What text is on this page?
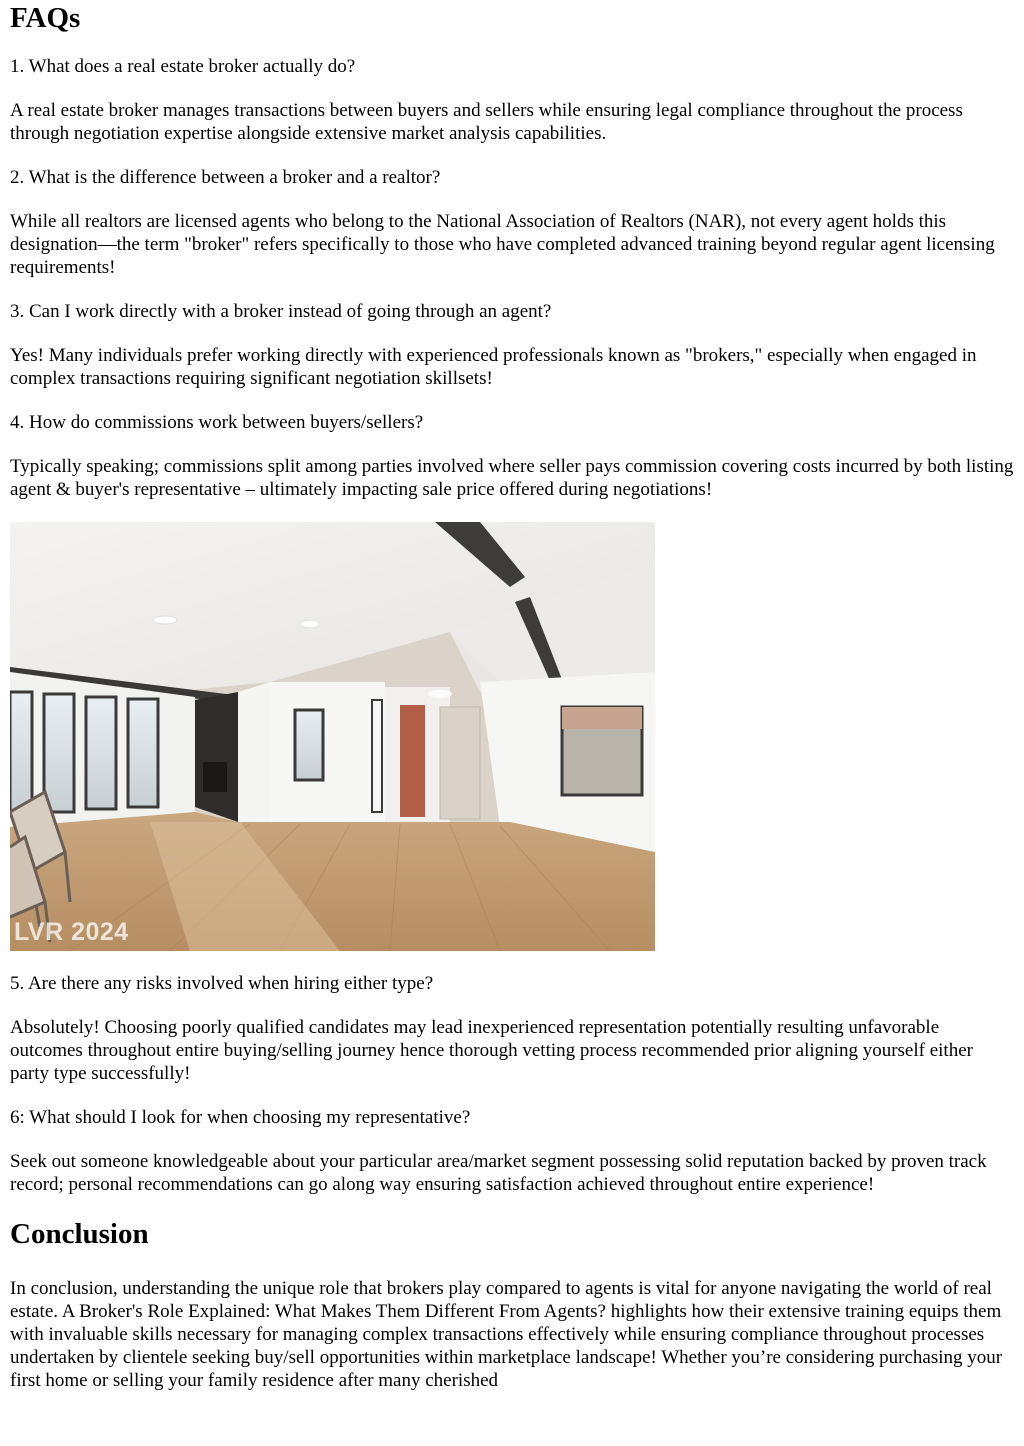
FAQs

1. What does a real estate broker actually do?

A real estate broker manages transactions between buyers and sellers while ensuring legal compliance throughout the process through negotiation expertise alongside extensive market analysis capabilities.

2. What is the difference between a broker and a realtor?

While all realtors are licensed agents who belong to the National Association of Realtors (NAR), not every agent holds this designation—the term "broker" refers specifically to those who have completed advanced training beyond regular agent licensing requirements!

3. Can I work directly with a broker instead of going through an agent?

Yes! Many individuals prefer working directly with experienced professionals known as "brokers," especially when engaged in complex transactions requiring significant negotiation skillsets!

4. How do commissions work between buyers/sellers?

Typically speaking; commissions split among parties involved where seller pays commission covering costs incurred by both listing agent & buyer's representative – ultimately impacting sale price offered during negotiations!

LVR 2024

5. Are there any risks involved when hiring either type?

Absolutely! Choosing poorly qualified candidates may lead inexperienced representation potentially resulting unfavorable outcomes throughout entire buying/selling journey hence thorough vetting process recommended prior aligning yourself either party type successfully!

6: What should I look for when choosing my representative?

Seek out someone knowledgeable about your particular area/market segment possessing solid reputation backed by proven track record; personal recommendations can go along way ensuring satisfaction achieved throughout entire experience!

Conclusion

In conclusion, understanding the unique role that brokers play compared to agents is vital for anyone navigating the world of real estate. A Broker's Role Explained: What Makes Them Different From Agents? highlights how their extensive training equips them with invaluable skills necessary for managing complex transactions effectively while ensuring compliance throughout processes undertaken by clientele seeking buy/sell opportunities within marketplace landscape! Whether you’re considering purchasing your first home or selling your family residence after many cherished
